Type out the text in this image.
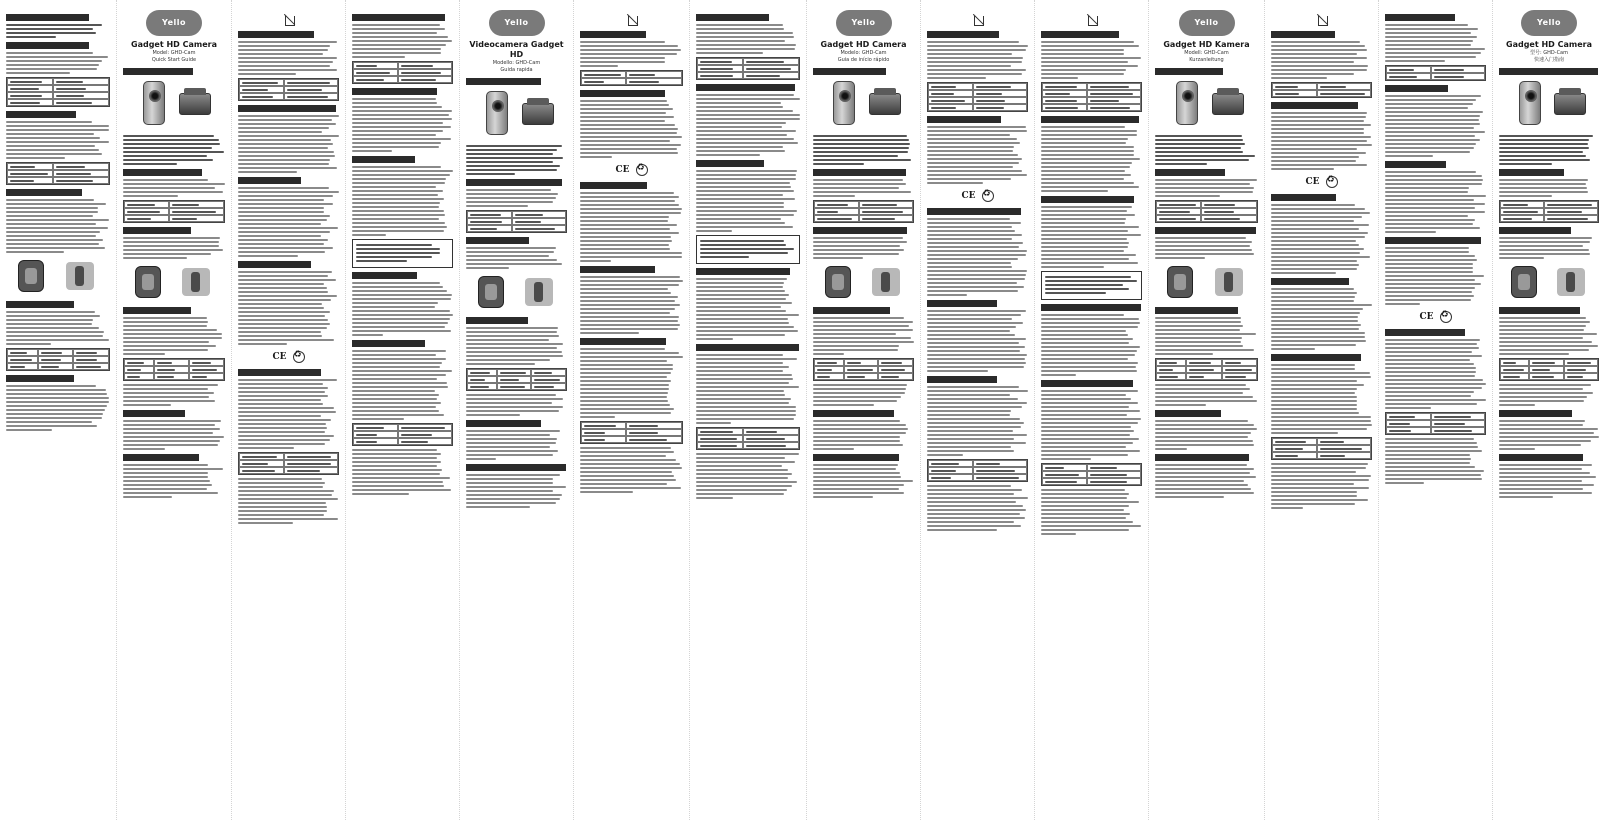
Yello
Gadget HD Camera
Model: GHD-Cam
Quick Start Guide
CE
♻
Yello
Videocamera Gadget HD
Modello: GHD-Cam
Guida rapida
CE
♻
Yello
Gadget HD Camera
Modelo: GHD-Cam
Guia de início rápido
CE
♻
Yello
Gadget HD Kamera
Modell: GHD-Cam
Kurzanleitung
CE
♻
CE
♻
Yello
Gadget HD Camera
型号: GHD-Cam
快速入门指南
